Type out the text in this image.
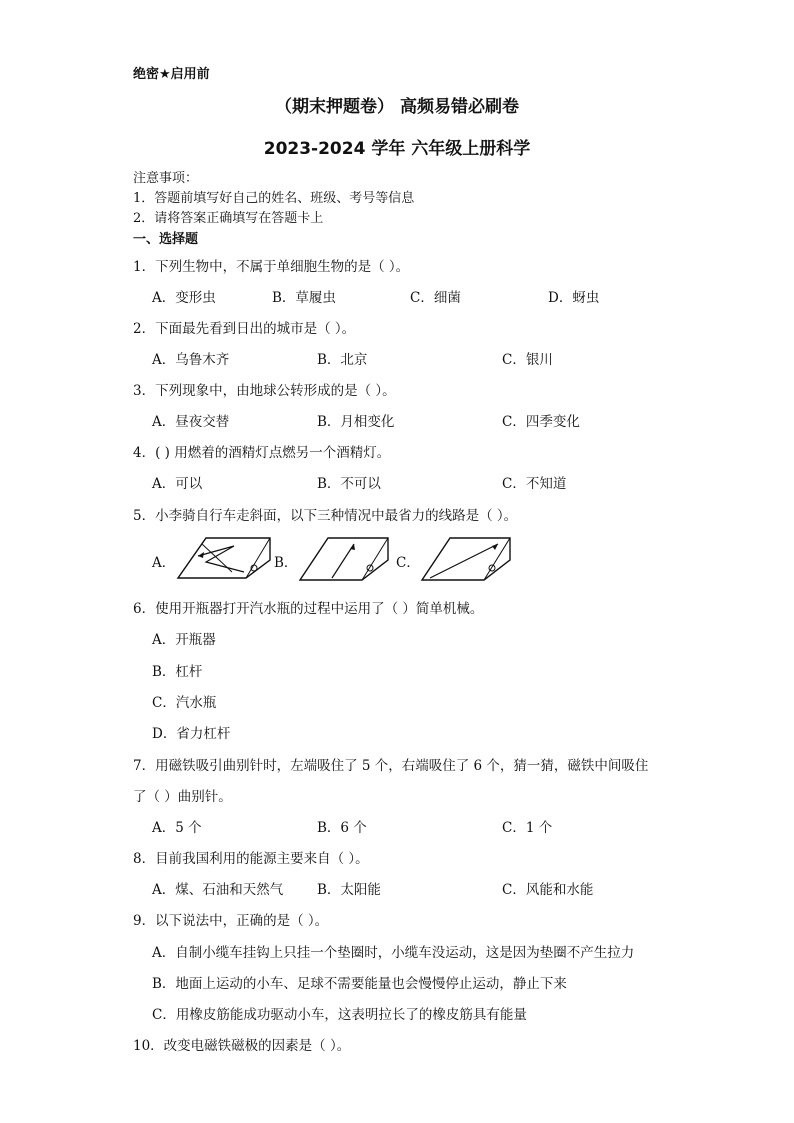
绝密★启用前
（期末押题卷） 高频易错必刷卷
2023-2024 学年 六年级上册科学
注意事项：
1．答题前填写好自己的姓名、班级、考号等信息
2．请将答案正确填写在答题卡上
一、选择题
1．下列生物中，不属于单细胞生物的是（ ）。
A．变形虫	B．草履虫	C．细菌	D．蚜虫
2．下面最先看到日出的城市是（ ）。
A．乌鲁木齐	B．北京	C．银川
3．下列现象中，由地球公转形成的是（ ）。
A．昼夜交替	B．月相变化	C．四季变化
4．( ) 用燃着的酒精灯点燃另一个酒精灯。
A．可以	B．不可以	C．不知道
5．小李骑自行车走斜面，以下三种情况中最省力的线路是（ ）。
A．	B．	C．
6．使用开瓶器打开汽水瓶的过程中运用了（ ）简单机械。
A．开瓶器
B．杠杆
C．汽水瓶
D．省力杠杆
7．用磁铁吸引曲别针时，左端吸住了 5 个，右端吸住了 6 个，猜一猜，磁铁中间吸住
了（ ）曲别针。
A．5 个	B．6 个	C．1 个
8．目前我国利用的能源主要来自（ ）。
A．煤、石油和天然气	B．太阳能	C．风能和水能
9．以下说法中，正确的是（ ）。
A．自制小缆车挂钩上只挂一个垫圈时，小缆车没运动，这是因为垫圈不产生拉力
B．地面上运动的小车、足球不需要能量也会慢慢停止运动，静止下来
C．用橡皮筋能成功驱动小车，这表明拉长了的橡皮筋具有能量
10．改变电磁铁磁极的因素是（ ）。
